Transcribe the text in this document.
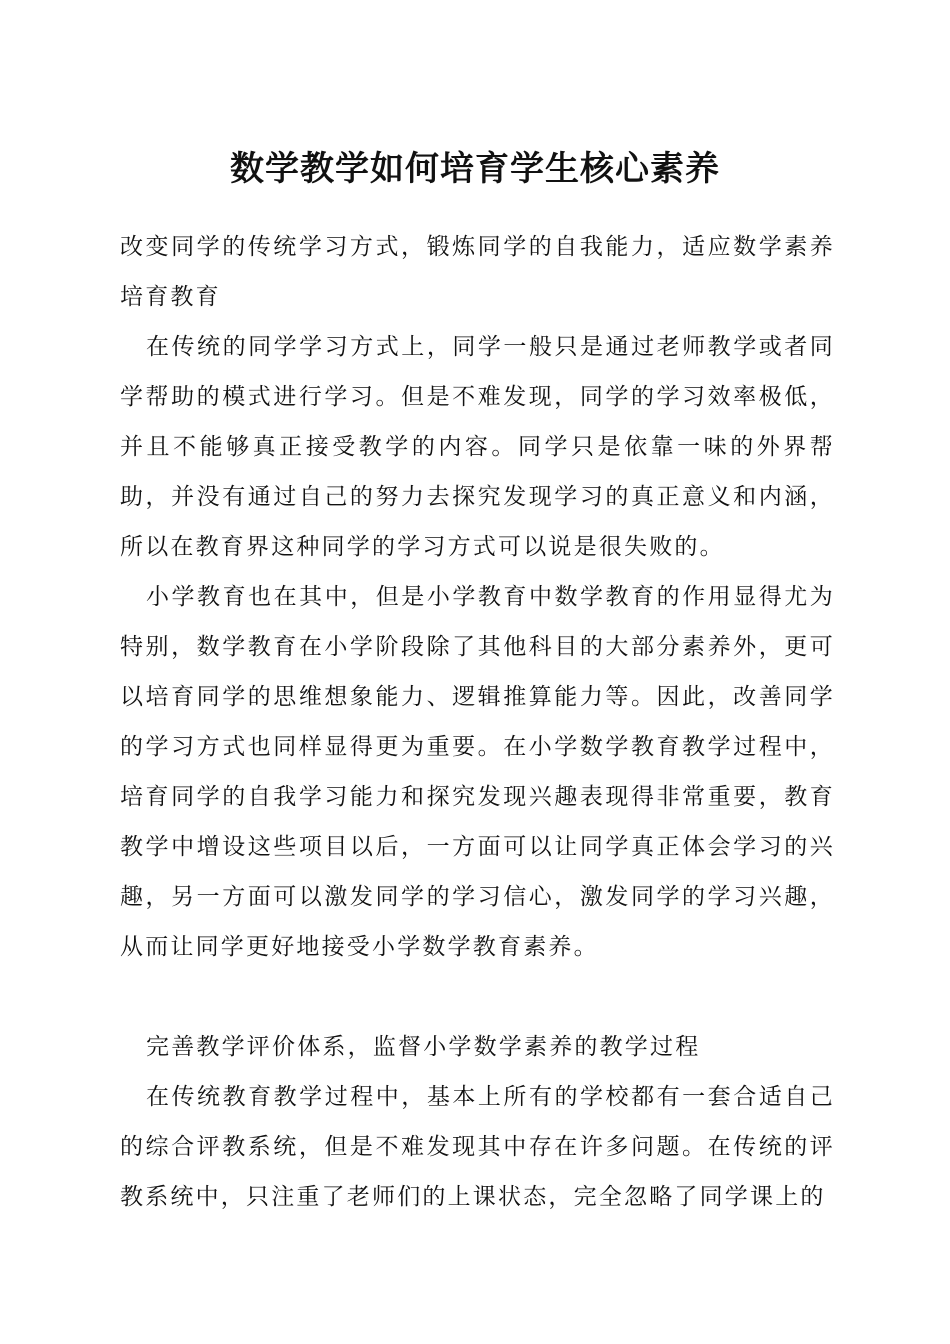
数学教学如何培育学生核心素养

改变同学的传统学习方式，锻炼同学的自我能力，适应数学素养培育教育

在传统的同学学习方式上，同学一般只是通过老师教学或者同学帮助的模式进行学习。但是不难发现，同学的学习效率极低，并且不能够真正接受教学的内容。同学只是依靠一味的外界帮助，并没有通过自己的努力去探究发现学习的真正意义和内涵，所以在教育界这种同学的学习方式可以说是很失败的。

小学教育也在其中，但是小学教育中数学教育的作用显得尤为特别，数学教育在小学阶段除了其他科目的大部分素养外，更可以培育同学的思维想象能力、逻辑推算能力等。因此，改善同学的学习方式也同样显得更为重要。在小学数学教育教学过程中，培育同学的自我学习能力和探究发现兴趣表现得非常重要，教育教学中增设这些项目以后，一方面可以让同学真正体会学习的兴趣，另一方面可以激发同学的学习信心，激发同学的学习兴趣，从而让同学更好地接受小学数学教育素养。

完善教学评价体系，监督小学数学素养的教学过程

在传统教育教学过程中，基本上所有的学校都有一套合适自己的综合评教系统，但是不难发现其中存在许多问题。在传统的评教系统中，只注重了老师们的上课状态，完全忽略了同学课上的
